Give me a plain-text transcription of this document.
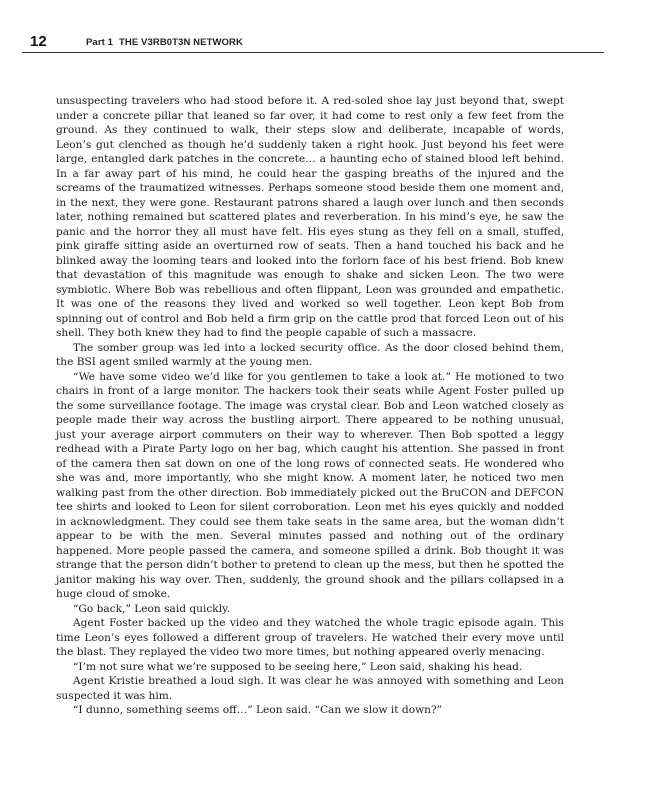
12	Part 1 THE V3RB0T3N NETWORK

unsuspecting travelers who had stood before it. A red-soled shoe lay just beyond that, swept under a concrete pillar that leaned so far over, it had come to rest only a few feet from the ground. As they continued to walk, their steps slow and deliberate, incapable of words, Leon’s gut clenched as though he’d suddenly taken a right hook. Just beyond his feet were large, entangled dark patches in the concrete… a haunting echo of stained blood left behind. In a far away part of his mind, he could hear the gasping breaths of the injured and the screams of the traumatized witnesses. Perhaps someone stood beside them one moment and, in the next, they were gone. Restaurant patrons shared a laugh over lunch and then seconds later, nothing remained but scattered plates and reverberation. In his mind’s eye, he saw the panic and the horror they all must have felt. His eyes stung as they fell on a small, stuffed, pink giraffe sitting aside an overturned row of seats. Then a hand touched his back and he blinked away the looming tears and looked into the forlorn face of his best friend. Bob knew that devastation of this magnitude was enough to shake and sicken Leon. The two were symbiotic. Where Bob was rebellious and often flippant, Leon was grounded and empathetic. It was one of the reasons they lived and worked so well together. Leon kept Bob from spinning out of control and Bob held a firm grip on the cattle prod that forced Leon out of his shell. They both knew they had to find the people capable of such a massacre.

The somber group was led into a locked security office. As the door closed behind them, the BSI agent smiled warmly at the young men.

“We have some video we’d like for you gentlemen to take a look at.” He motioned to two chairs in front of a large monitor. The hackers took their seats while Agent Foster pulled up the some surveillance footage. The image was crystal clear. Bob and Leon watched closely as people made their way across the bustling airport. There appeared to be nothing unusual, just your average airport commuters on their way to wherever. Then Bob spotted a leggy redhead with a Pirate Party logo on her bag, which caught his attention. She passed in front of the camera then sat down on one of the long rows of connected seats. He wondered who she was and, more importantly, who she might know. A moment later, he noticed two men walking past from the other direction. Bob immediately picked out the BruCON and DEFCON tee shirts and looked to Leon for silent corroboration. Leon met his eyes quickly and nodded in acknowledgment. They could see them take seats in the same area, but the woman didn’t appear to be with the men. Several minutes passed and nothing out of the ordinary happened. More people passed the camera, and someone spilled a drink. Bob thought it was strange that the person didn’t bother to pretend to clean up the mess, but then he spotted the janitor making his way over. Then, suddenly, the ground shook and the pillars collapsed in a huge cloud of smoke.

“Go back,” Leon said quickly.

Agent Foster backed up the video and they watched the whole tragic episode again. This time Leon’s eyes followed a different group of travelers. He watched their every move until the blast. They replayed the video two more times, but nothing appeared overly menacing.

“I’m not sure what we’re supposed to be seeing here,” Leon said, shaking his head.

Agent Kristie breathed a loud sigh. It was clear he was annoyed with something and Leon suspected it was him.

“I dunno, something seems off…” Leon said. “Can we slow it down?”
